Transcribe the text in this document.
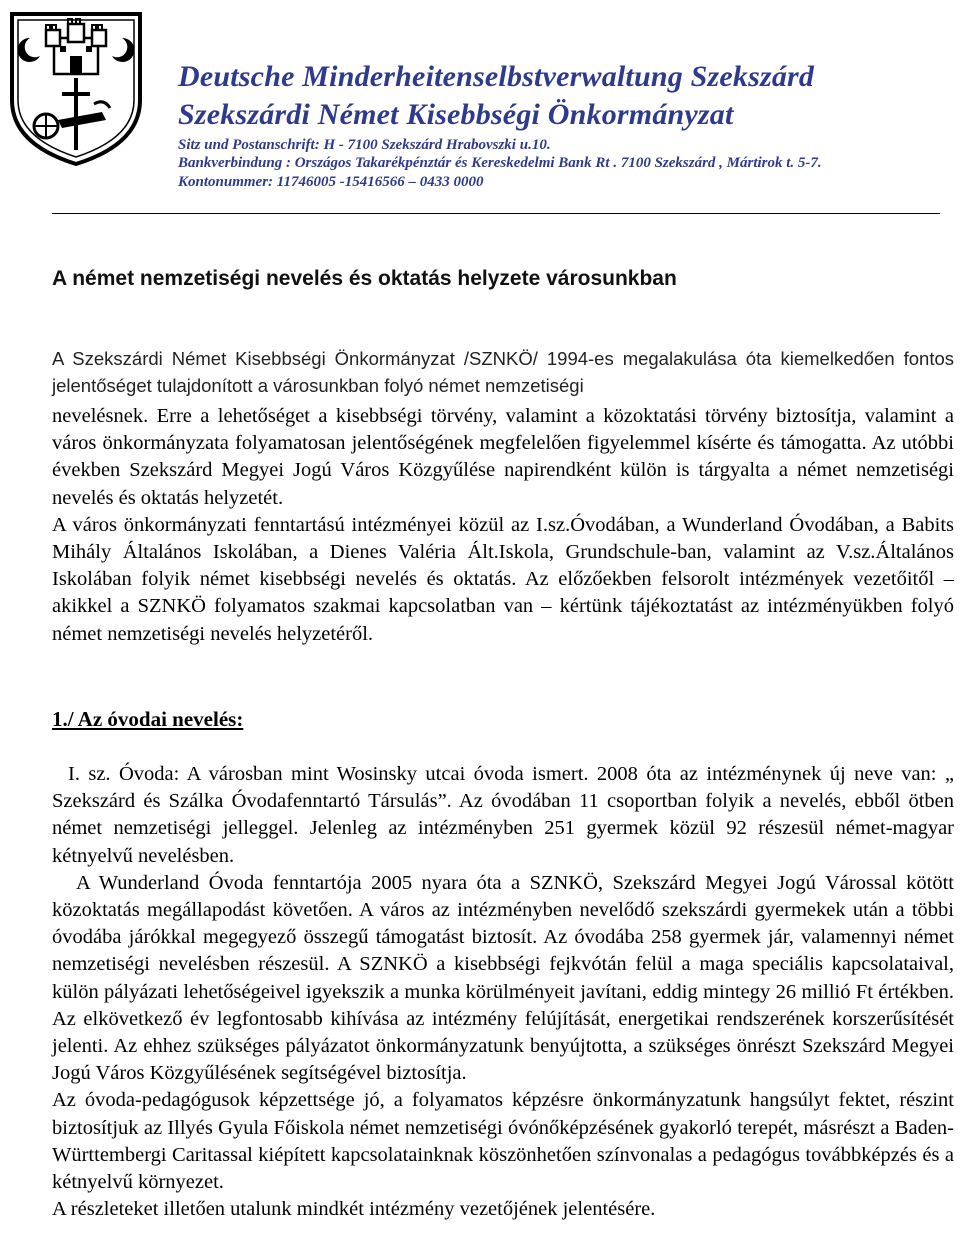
Deutsche Minderheitenselbstverwaltung Szekszárd
Szekszárdi Német Kisebbségi Önkormányzat
Sitz und Postanschrift: H - 7100 Szekszárd Hrabovszki u.10.
Bankverbindung : Országos Takarékpénztár és Kereskedelmi Bank Rt . 7100 Szekszárd , Mártirok t. 5-7.
Kontonummer: 11746005 -15416566 – 0433 0000
A német nemzetiségi nevelés és oktatás helyzete városunkban
A Szekszárdi Német Kisebbségi Önkormányzat /SZNKÖ/ 1994-es megalakulása óta kiemelkedően fontos jelentőséget tulajdonított a városunkban folyó német nemzetiségi
nevelésnek. Erre a lehetőséget a kisebbségi törvény, valamint a közoktatási törvény biztosítja, valamint a város önkormányzata folyamatosan jelentőségének megfelelően figyelemmel kísérte és támogatta. Az utóbbi években Szekszárd Megyei Jogú Város Közgyűlése napirendként külön is tárgyalta a német nemzetiségi nevelés és oktatás helyzetét.
A város önkormányzati fenntartású intézményei közül az I.sz.Óvodában, a Wunderland Óvodában, a Babits Mihály Általános Iskolában, a Dienes Valéria Ált.Iskola, Grundschule-ban, valamint az V.sz.Általános Iskolában folyik német kisebbségi nevelés és oktatás. Az előzőekben felsorolt intézmények vezetőitől – akikkel a SZNKÖ folyamatos szakmai kapcsolatban van – kértünk tájékoztatást az intézményükben folyó német nemzetiségi nevelés helyzetéről.
1./ Az óvodai nevelés:
I. sz. Óvoda: A városban mint Wosinsky utcai óvoda ismert. 2008 óta az intézménynek új neve van: „ Szekszárd és Szálka Óvodafenntartó Társulás”. Az óvodában 11 csoportban folyik a nevelés, ebből ötben német nemzetiségi jelleggel. Jelenleg az intézményben 251 gyermek közül 92 részesül német-magyar kétnyelvű nevelésben.
A Wunderland Óvoda fenntartója 2005 nyara óta a SZNKÖ, Szekszárd Megyei Jogú Várossal kötött közoktatás megállapodást követően. A város az intézményben nevelődő szekszárdi gyermekek után a többi óvodába járókkal megegyező összegű támogatást biztosít. Az óvodába 258 gyermek jár, valamennyi német nemzetiségi nevelésben részesül. A SZNKÖ a kisebbségi fejkvótán felül a maga speciális kapcsolataival, külön pályázati lehetőségeivel igyekszik a munka körülményeit javítani, eddig mintegy 26 millió Ft értékben. Az elkövetkező év legfontosabb kihívása az intézmény felújítását, energetikai rendszerének korszerűsítését jelenti. Az ehhez szükséges pályázatot önkormányzatunk benyújtotta, a szükséges önrészt Szekszárd Megyei Jogú Város Közgyűlésének segítségével biztosítja.
Az óvoda-pedagógusok képzettsége jó, a folyamatos képzésre önkormányzatunk hangsúlyt fektet, részint biztosítjuk az Illyés Gyula Főiskola német nemzetiségi óvónőképzésének gyakorló terepét, másrészt a Baden-Württembergi Caritassal kiépített kapcsolatainknak köszönhetően színvonalas a pedagógus továbbképzés és a kétnyelvű környezet.
A részleteket illetően utalunk mindkét intézmény vezetőjének jelentésére.
